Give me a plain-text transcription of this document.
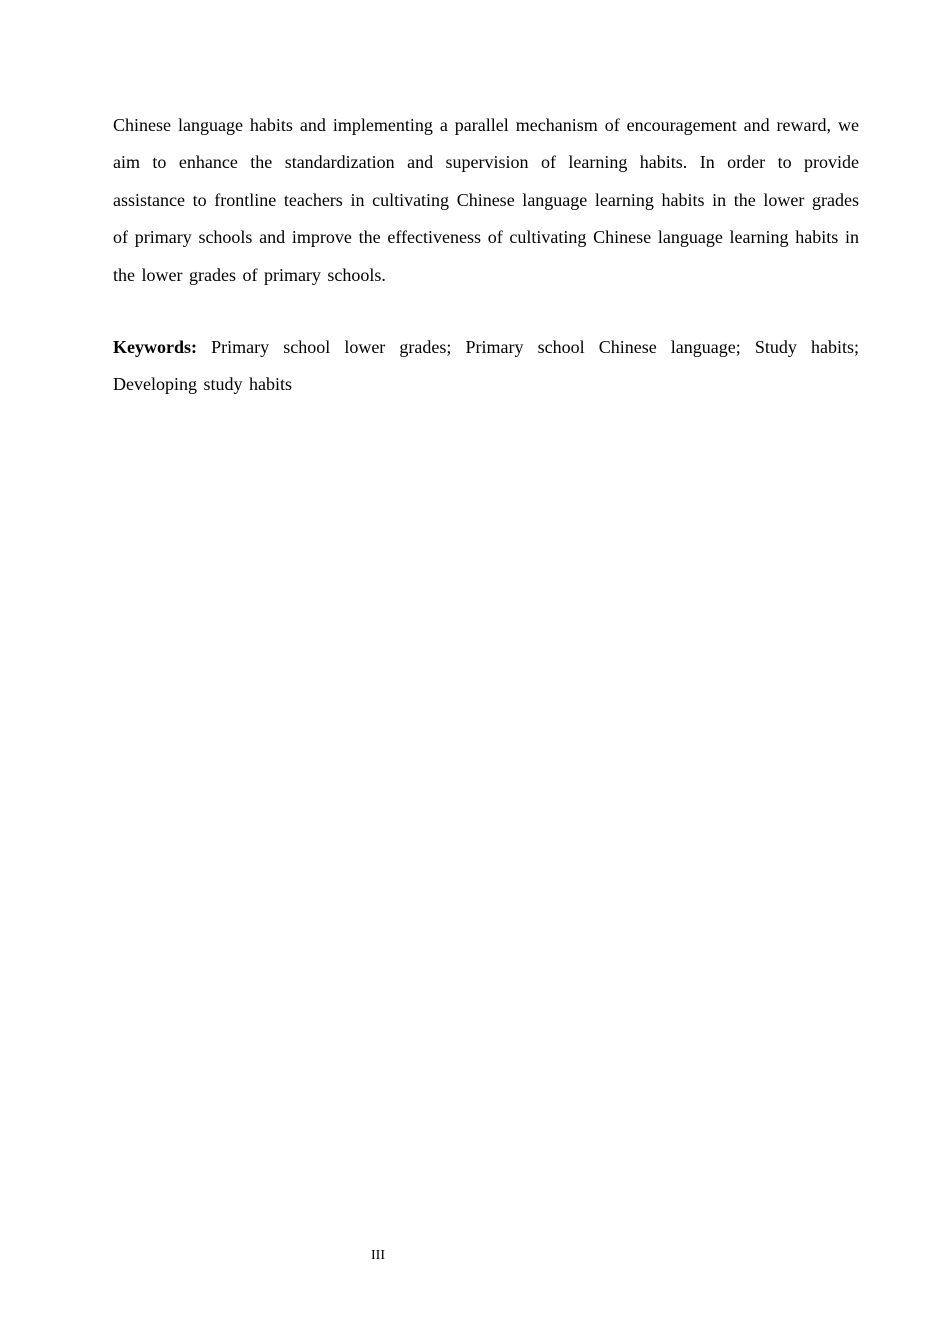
Chinese language habits and implementing a parallel mechanism of encouragement and reward, we aim to enhance the standardization and supervision of learning habits. In order to provide assistance to frontline teachers in cultivating Chinese language learning habits in the lower grades of primary schools and improve the effectiveness of cultivating Chinese language learning habits in the lower grades of primary schools.

Keywords: Primary school lower grades; Primary school Chinese language; Study habits; Developing study habits

III
